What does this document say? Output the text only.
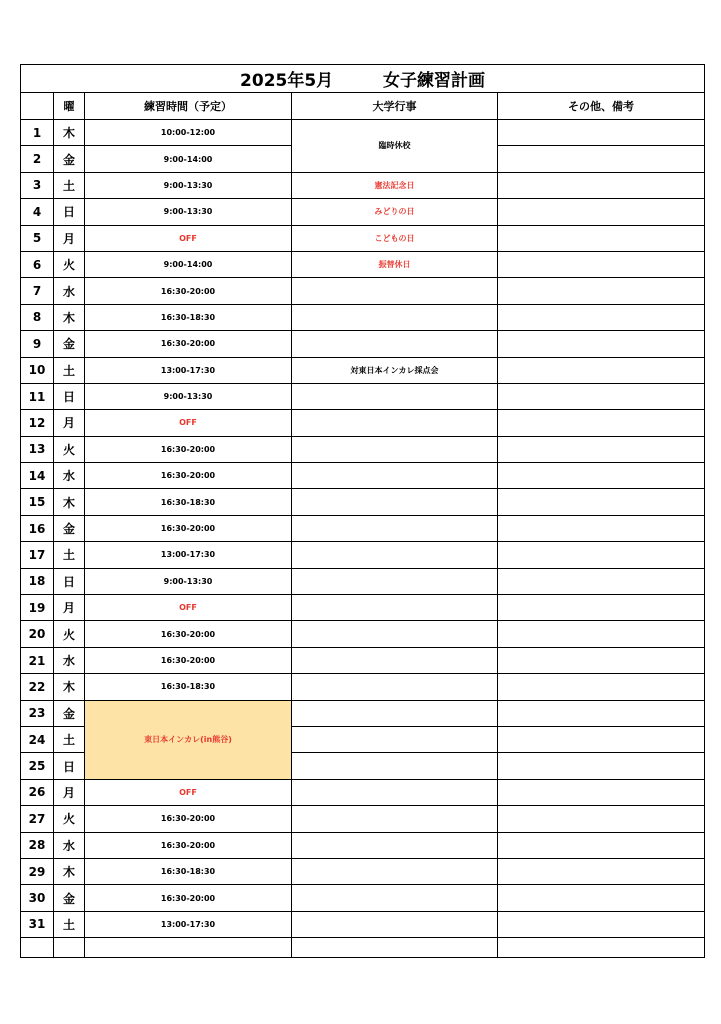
2025年5月 女子練習計画				
	曜	練習時間（予定）	大学行事	その他、備考
1	木	10:00-12:00	臨時休校	
2	金	9:00-14:00		
3	土	9:00-13:30	憲法記念日	
4	日	9:00-13:30	みどりの日	
5	月	OFF	こどもの日	
6	火	9:00-14:00	振替休日	
7	水	16:30-20:00		
8	木	16:30-18:30		
9	金	16:30-20:00		
10	土	13:00-17:30	対東日本インカレ採点会	
11	日	9:00-13:30		
12	月	OFF		
13	火	16:30-20:00		
14	水	16:30-20:00		
15	木	16:30-18:30		
16	金	16:30-20:00		
17	土	13:00-17:30		
18	日	9:00-13:30		
19	月	OFF		
20	火	16:30-20:00		
21	水	16:30-20:00		
22	木	16:30-18:30		
23	金	東日本インカレ(in熊谷)		
24	土			
25	日			
26	月	OFF		
27	火	16:30-20:00		
28	水	16:30-20:00		
29	木	16:30-18:30		
30	金	16:30-20:00		
31	土	13:00-17:30		
